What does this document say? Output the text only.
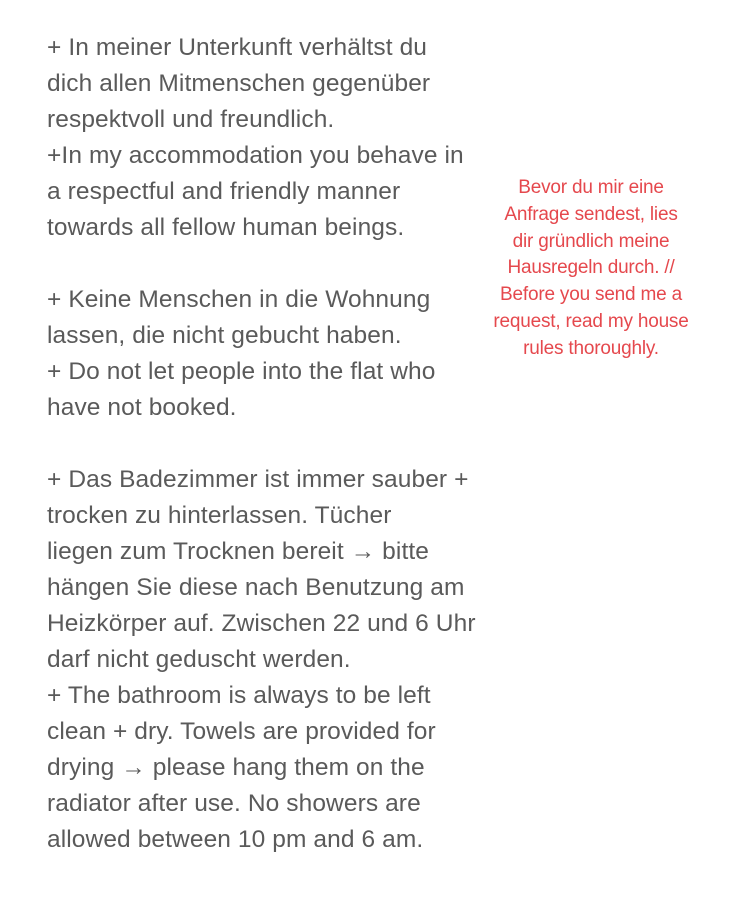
+ In meiner Unterkunft verhältst du
dich allen Mitmenschen gegenüber
respektvoll und freundlich.
+In my accommodation you behave in
a respectful and friendly manner
towards all fellow human beings.
+ Keine Menschen in die Wohnung
lassen, die nicht gebucht haben.
+ Do not let people into the flat who
have not booked.
+ Das Badezimmer ist immer sauber +
trocken zu hinterlassen. Tücher
liegen zum Trocknen bereit → bitte
hängen Sie diese nach Benutzung am
Heizkörper auf. Zwischen 22 und 6 Uhr
darf nicht geduscht werden.
+ The bathroom is always to be left
clean + dry. Towels are provided for
drying → please hang them on the
radiator after use. No showers are
allowed between 10 pm and 6 am.
Bevor du mir eine
Anfrage sendest, lies
dir gründlich meine
Hausregeln durch. //
Before you send me a
request, read my house
rules thoroughly.
